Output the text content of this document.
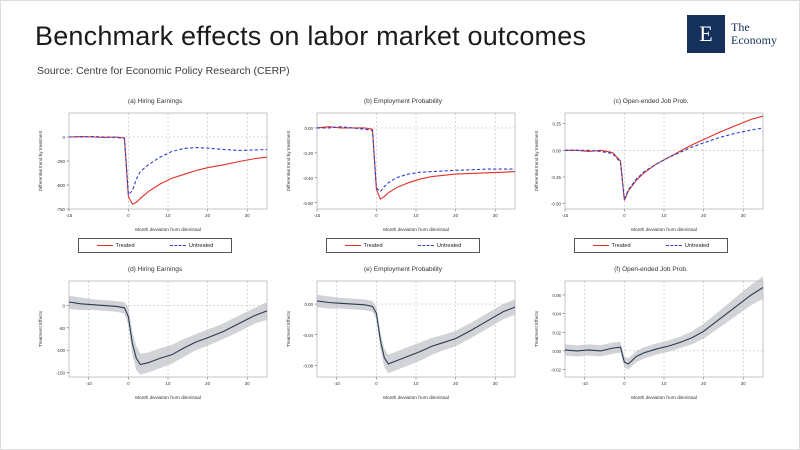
Benchmark effects on labor market outcomes
Source: Centre for Economic Policy Research (CERP)
E	The
Economy
(a) Hiring Earnings
-750
-500
-250
0
-15	0	10	20	30
Month deviation from dismissal
Differential trend by treatment
Treated	Untreated
(b) Employment Probability
-0.60
-0.40
-0.20
0.00
-15	0	10	20	30
Month deviation from dismissal
Differential trend by treatment
Treated	Untreated
(c) Open-ended Job Prob.
-0.50
-0.25
0.00
0.25
-15	0	10	20	30
Month deviation from dismissal
Differential trend by treatment
Treated	Untreated
(d) Hiring Earnings
-150
-100
-50
0
-10	0	10	20	30
Month deviation from dismissal
Treatment Effects
(e) Employment Probability
-0.08
-0.04
0.00
-10	0	10	20	30
Month deviation from dismissal
Treatment Effects
(f) Open-ended Job Prob.
-0.02
0.00
0.02
0.04
0.06
-10	0	10	20	30
Month deviation from dismissal
Treatment Effects
